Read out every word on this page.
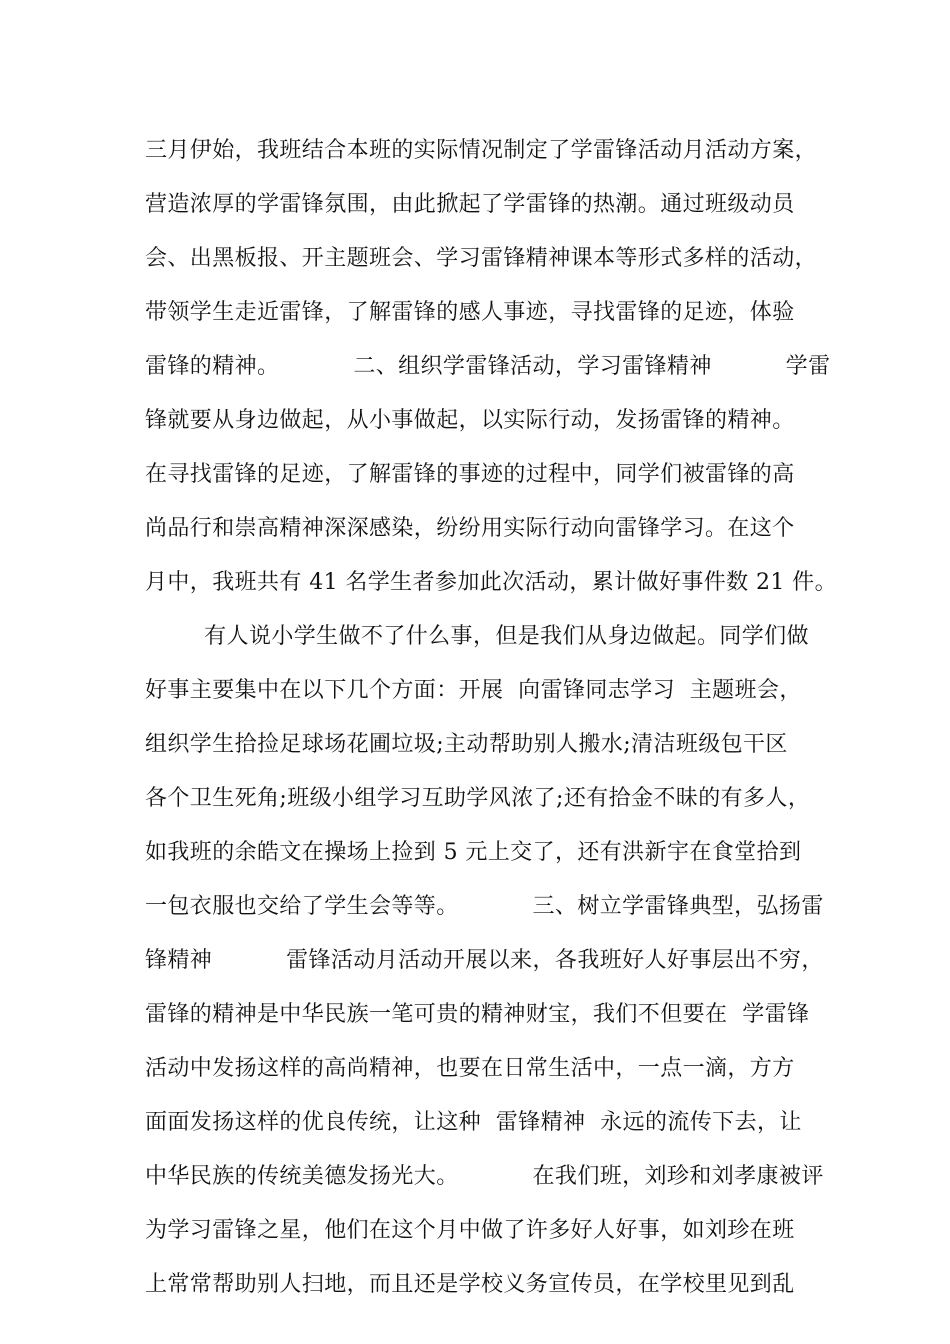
三月伊始，我班结合本班的实际情况制定了学雷锋活动月活动方案，
营造浓厚的学雷锋氛围，由此掀起了学雷锋的热潮。通过班级动员
会、出黑板报、开主题班会、学习雷锋精神课本等形式多样的活动，
带领学生走近雷锋，了解雷锋的感人事迹，寻找雷锋的足迹，体验
雷锋的精神。          二、组织学雷锋活动，学习雷锋精神          学雷
锋就要从身边做起，从小事做起，以实际行动，发扬雷锋的精神。
在寻找雷锋的足迹，了解雷锋的事迹的过程中，同学们被雷锋的高
尚品行和崇高精神深深感染，纷纷用实际行动向雷锋学习。在这个
月中，我班共有 41 名学生者参加此次活动，累计做好事件数 21 件。
有人说小学生做不了什么事，但是我们从身边做起。同学们做
好事主要集中在以下几个方面：开展  向雷锋同志学习  主题班会，
组织学生拾捡足球场花圃垃圾;主动帮助别人搬水;清洁班级包干区
各个卫生死角;班级小组学习互助学风浓了;还有拾金不昧的有多人，
如我班的余皓文在操场上捡到 5 元上交了，还有洪新宇在食堂拾到
一包衣服也交给了学生会等等。          三、树立学雷锋典型，弘扬雷
锋精神          雷锋活动月活动开展以来，各我班好人好事层出不穷，
雷锋的精神是中华民族一笔可贵的精神财宝，我们不但要在  学雷锋
活动中发扬这样的高尚精神，也要在日常生活中，一点一滴，方方
面面发扬这样的优良传统，让这种  雷锋精神  永远的流传下去，让
中华民族的传统美德发扬光大。          在我们班，刘珍和刘孝康被评
为学习雷锋之星，他们在这个月中做了许多好人好事，如刘珍在班
上常常帮助别人扫地，而且还是学校义务宣传员，在学校里见到乱
